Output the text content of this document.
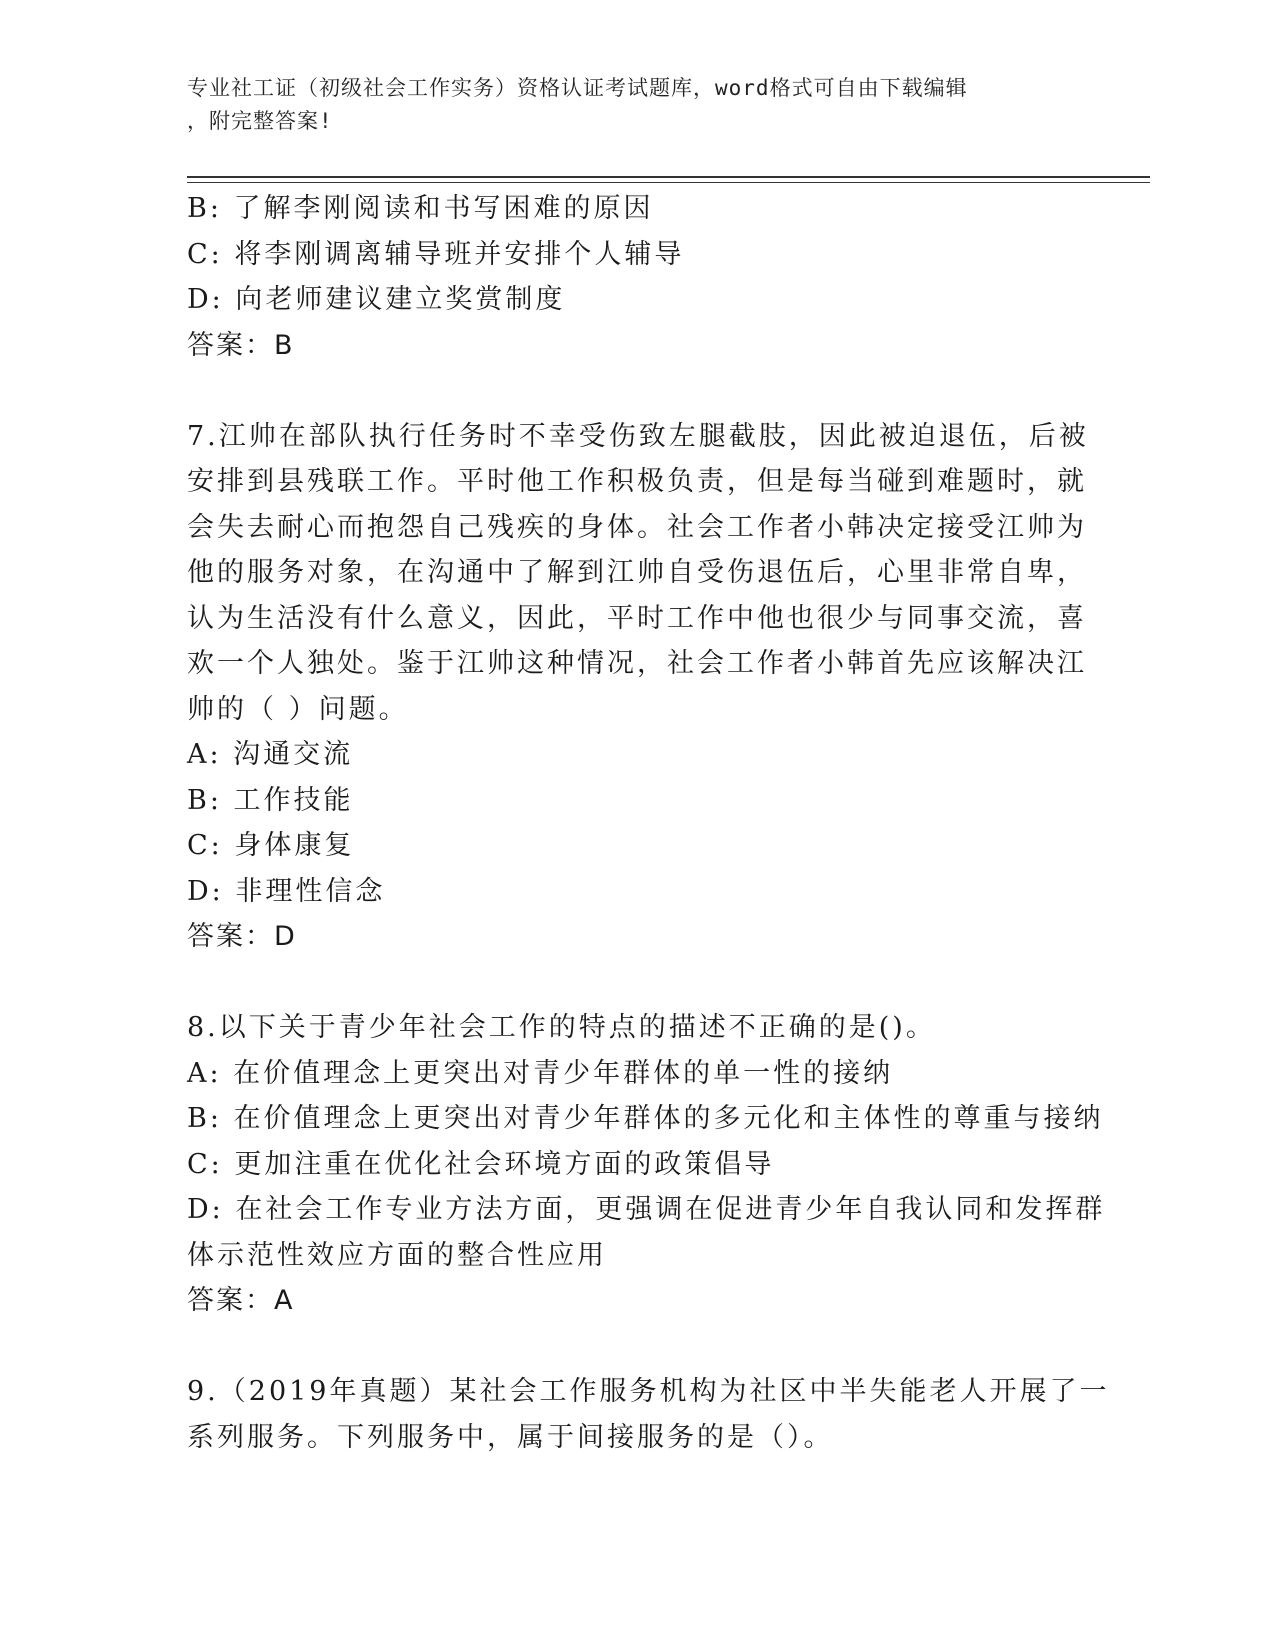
专业社工证（初级社会工作实务）资格认证考试题库，word格式可自由下载编辑
，附完整答案!

B: 了解李刚阅读和书写困难的原因

C: 将李刚调离辅导班并安排个人辅导

D: 向老师建议建立奖赏制度

答案：B

7.江帅在部队执行任务时不幸受伤致左腿截肢，因此被迫退伍，后被

安排到县残联工作。平时他工作积极负责，但是每当碰到难题时，就

会失去耐心而抱怨自己残疾的身体。社会工作者小韩决定接受江帅为

他的服务对象，在沟通中了解到江帅自受伤退伍后，心里非常自卑，

认为生活没有什么意义，因此，平时工作中他也很少与同事交流，喜

欢一个人独处。鉴于江帅这种情况，社会工作者小韩首先应该解决江

帅的（ ）问题。

A: 沟通交流

B: 工作技能

C: 身体康复

D: 非理性信念

答案：D

8.以下关于青少年社会工作的特点的描述不正确的是()。

A: 在价值理念上更突出对青少年群体的单一性的接纳

B: 在价值理念上更突出对青少年群体的多元化和主体性的尊重与接纳

C: 更加注重在优化社会环境方面的政策倡导

D: 在社会工作专业方法方面，更强调在促进青少年自我认同和发挥群

体示范性效应方面的整合性应用

答案：A

9.（2019年真题）某社会工作服务机构为社区中半失能老人开展了一

系列服务。下列服务中，属于间接服务的是（）。
